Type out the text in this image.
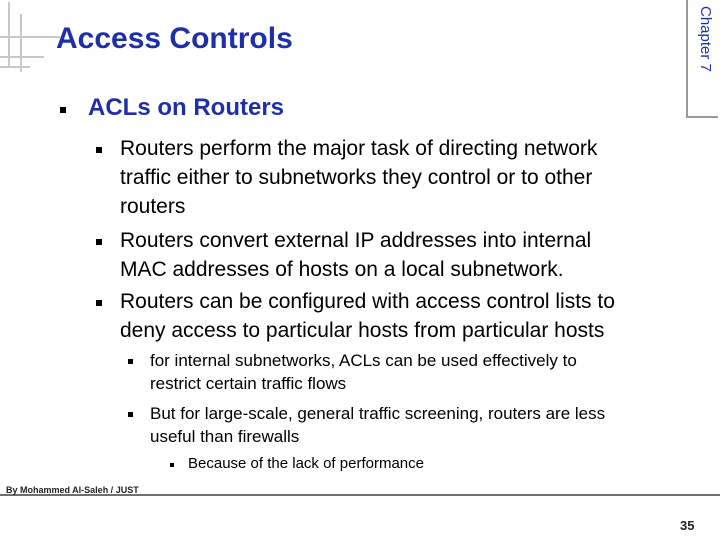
Access Controls	Chapter 7
ACLs on Routers
Routers perform the major task of directing network
traffic either to subnetworks they control or to other
routers
Routers convert external IP addresses into internal
MAC addresses of hosts on a local subnetwork.
Routers can be configured with access control lists to
deny access to particular hosts from particular hosts
for internal subnetworks, ACLs can be used effectively to
restrict certain traffic flows
But for large-scale, general traffic screening, routers are less
useful than firewalls
Because of the lack of performance
By Mohammed Al-Saleh / JUST
35
